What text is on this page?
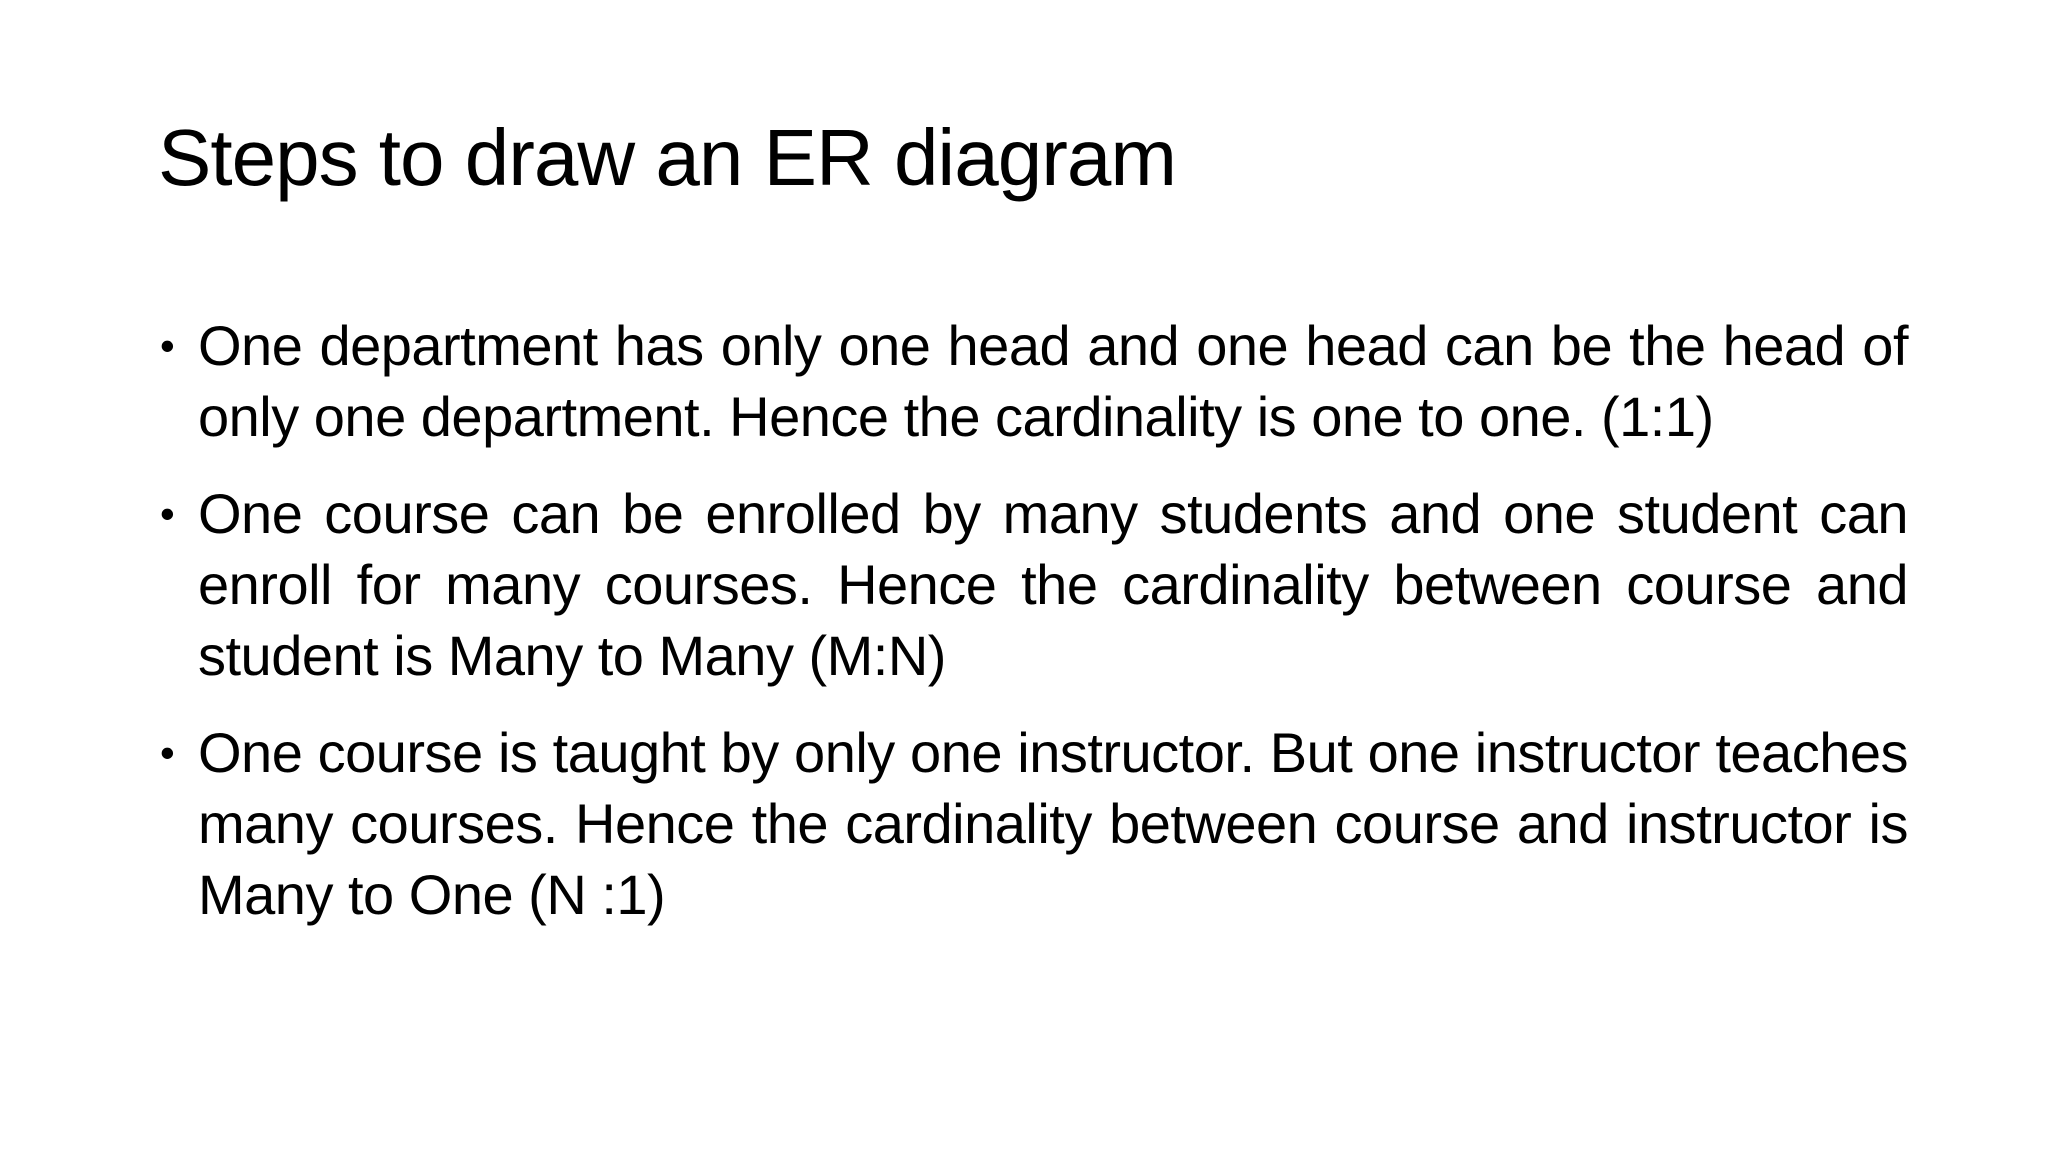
Steps to draw an ER diagram
• One department has only one head and one head can be the head of only one department. Hence the cardinality is one to one. (1:1)
• One course can be enrolled by many students and one student can enroll for many courses. Hence the cardinality between course and student is Many to Many (M:N)
• One course is taught by only one instructor. But one instructor teaches many courses. Hence the cardinality between course and instructor is Many to One (N :1)
